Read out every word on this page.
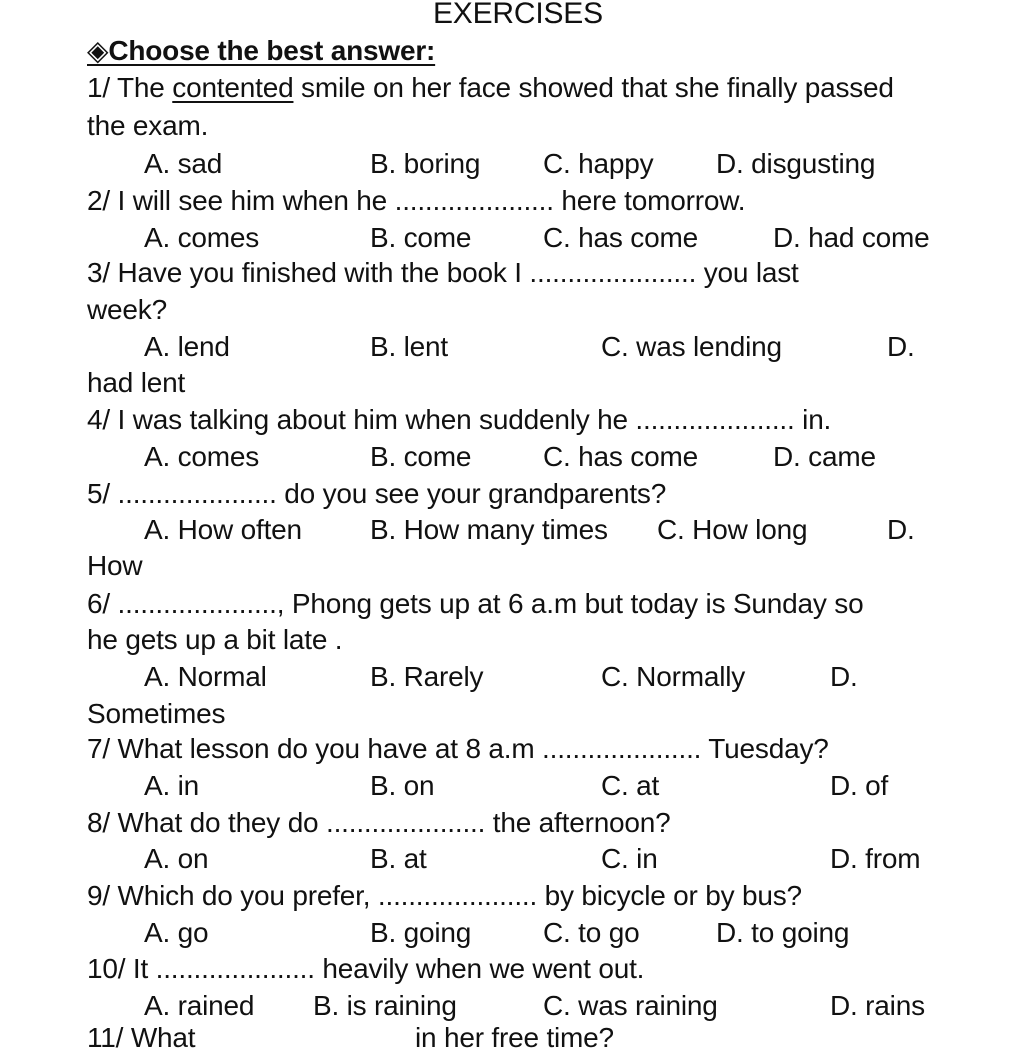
EXERCISES
◈Choose the best answer:
1/ The contented smile on her face showed that she finally passed
the exam.
A. sad	B. boring C. happy D. disgusting
2/ I will see him when he ..................... here tomorrow.
A. comes	B. come	C. has come	D. had come
3/ Have you finished with the book I ...................... you last
week?
A. lend	B. lent	C. was lending	D.
had lent
4/ I was talking about him when suddenly he ..................... in.
A. comes	B. come	C. has come	D. came
5/ ..................... do you see your grandparents?
A. How often B. How many times C. How long	D.
How
6/ ....................., Phong gets up at 6 a.m but today is Sunday so
he gets up a bit late .
A. Normal	B. Rarely	C. Normally	D.
Sometimes
7/ What lesson do you have at 8 a.m ..................... Tuesday?
A. in	B. on	C. at	D. of
8/ What do they do ..................... the afternoon?
A. on	B. at	C. in	D. from
9/ Which do you prefer, ..................... by bicycle or by bus?
A. go	B. going	C. to go	D. to going
10/ It ..................... heavily when we went out.
A. rained B. is raining	C. was raining	D. rains
11/ What	in her free time?
